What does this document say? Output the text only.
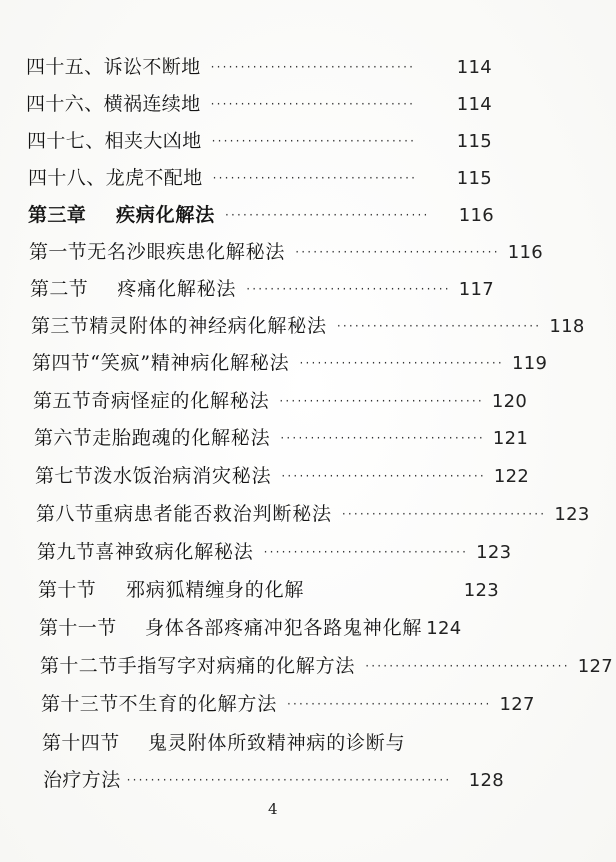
四十五、诉讼不断地 ··································	114
四十六、横祸连续地 ··································	114
四十七、相夹大凶地 ··································	115
四十八、龙虎不配地 ··································	115
第三章	疾病化解法 ··································	116
第一节 无名沙眼疾患化解秘法 ·································· 116
第二节	疼痛化解秘法 ·································· 117
第三节 精灵附体的神经病化解秘法 ·································· 118
第四节 “笑疯”精神病化解秘法 ·································· 119
第五节 奇病怪症的化解秘法 ·································· 120
第六节 走胎跑魂的化解秘法 ·································· 121
第七节 泼水饭治病消灾秘法 ·································· 122
第八节 重病患者能否救治判断秘法 ·································· 123
第九节 喜神致病化解秘法 ·································· 123
第十节	邪病狐精缠身的化解	123
第十一节	身体各部疼痛冲犯各路鬼神化解 124
第十二节 手指写字对病痛的化解方法 ·································· 127
第十三节 不生育的化解方法 ·································· 127
第十四节	鬼灵附体所致精神病的诊断与
治疗方法 ······················································ 128
4
